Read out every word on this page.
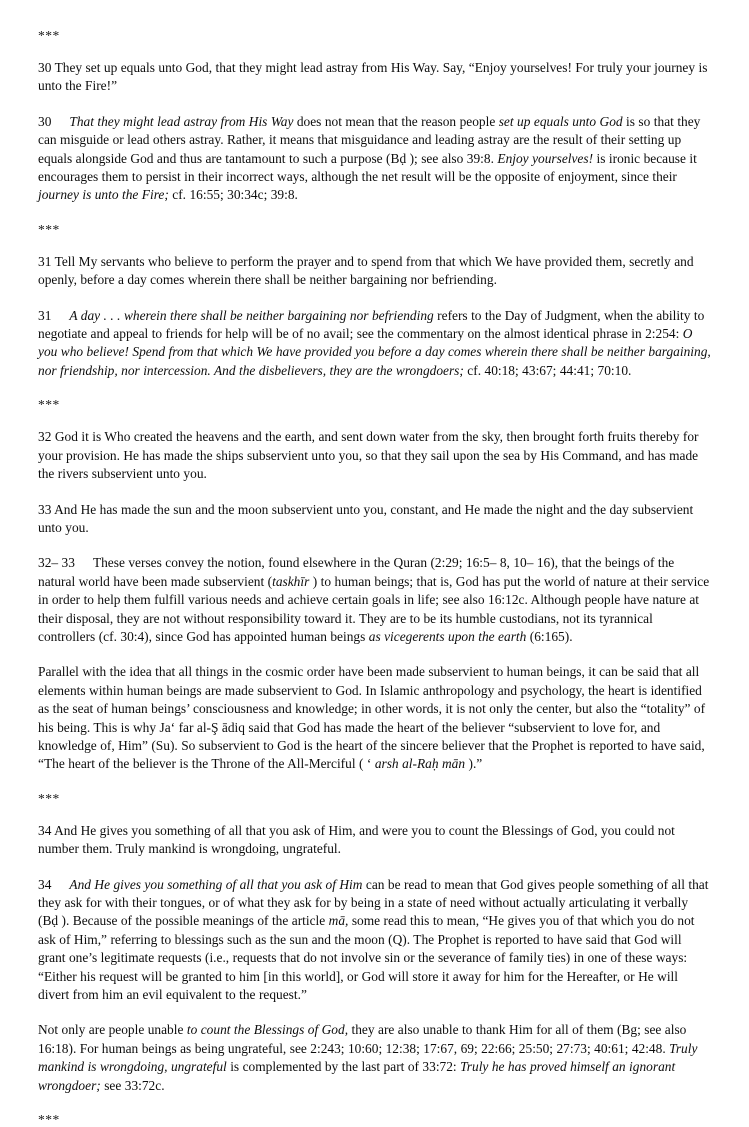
***

30 They set up equals unto God, that they might lead astray from His Way. Say, “Enjoy yourselves! For truly your journey is unto the Fire!”

30 That they might lead astray from His Way does not mean that the reason people set up equals unto God is so that they can misguide or lead others astray. Rather, it means that misguidance and leading astray are the result of their setting up equals alongside God and thus are tantamount to such a purpose (Bḍ ); see also 39:8. Enjoy yourselves! is ironic because it encourages them to persist in their incorrect ways, although the net result will be the opposite of enjoyment, since their journey is unto the Fire; cf. 16:55; 30:34c; 39:8.

***

31 Tell My servants who believe to perform the prayer and to spend from that which We have provided them, secretly and openly, before a day comes wherein there shall be neither bargaining nor befriending.

31 A day . . . wherein there shall be neither bargaining nor befriending refers to the Day of Judgment, when the ability to negotiate and appeal to friends for help will be of no avail; see the commentary on the almost identical phrase in 2:254: O you who believe! Spend from that which We have provided you before a day comes wherein there shall be neither bargaining, nor friendship, nor intercession. And the disbelievers, they are the wrongdoers; cf. 40:18; 43:67; 44:41; 70:10.

***

32 God it is Who created the heavens and the earth, and sent down water from the sky, then brought forth fruits thereby for your provision. He has made the ships subservient unto you, so that they sail upon the sea by His Command, and has made the rivers subservient unto you.

33 And He has made the sun and the moon subservient unto you, constant, and He made the night and the day subservient unto you.

32– 33 These verses convey the notion, found elsewhere in the Quran (2:29; 16:5– 8, 10– 16), that the beings of the natural world have been made subservient (taskhīr ) to human beings; that is, God has put the world of nature at their service in order to help them fulfill various needs and achieve certain goals in life; see also 16:12c. Although people have nature at their disposal, they are not without responsibility toward it. They are to be its humble custodians, not its tyrannical controllers (cf. 30:4), since God has appointed human beings as vicegerents upon the earth (6:165).

Parallel with the idea that all things in the cosmic order have been made subservient to human beings, it can be said that all elements within human beings are made subservient to God. In Islamic anthropology and psychology, the heart is identified as the seat of human beings’ consciousness and knowledge; in other words, it is not only the center, but also the “totality” of his being. This is why Jaʻ far al-Ş ādiq said that God has made the heart of the believer “subservient to love for, and knowledge of, Him” (Su). So subservient to God is the heart of the sincere believer that the Prophet is reported to have said, “The heart of the believer is the Throne of the All-Merciful ( ʻ arsh al-Raḥ mān ).”

***

34 And He gives you something of all that you ask of Him, and were you to count the Blessings of God, you could not number them. Truly mankind is wrongdoing, ungrateful.

34 And He gives you something of all that you ask of Him can be read to mean that God gives people something of all that they ask for with their tongues, or of what they ask for by being in a state of need without actually articulating it verbally (Bḍ ). Because of the possible meanings of the article mā, some read this to mean, “He gives you of that which you do not ask of Him,” referring to blessings such as the sun and the moon (Q). The Prophet is reported to have said that God will grant one’s legitimate requests (i.e., requests that do not involve sin or the severance of family ties) in one of these ways: “Either his request will be granted to him [in this world], or God will store it away for him for the Hereafter, or He will divert from him an evil equivalent to the request.”

Not only are people unable to count the Blessings of God, they are also unable to thank Him for all of them (Bg; see also 16:18). For human beings as being ungrateful, see 2:243; 10:60; 12:38; 17:67, 69; 22:66; 25:50; 27:73; 40:61; 42:48. Truly mankind is wrongdoing, ungrateful is complemented by the last part of 33:72: Truly he has proved himself an ignorant wrongdoer; see 33:72c.

***
